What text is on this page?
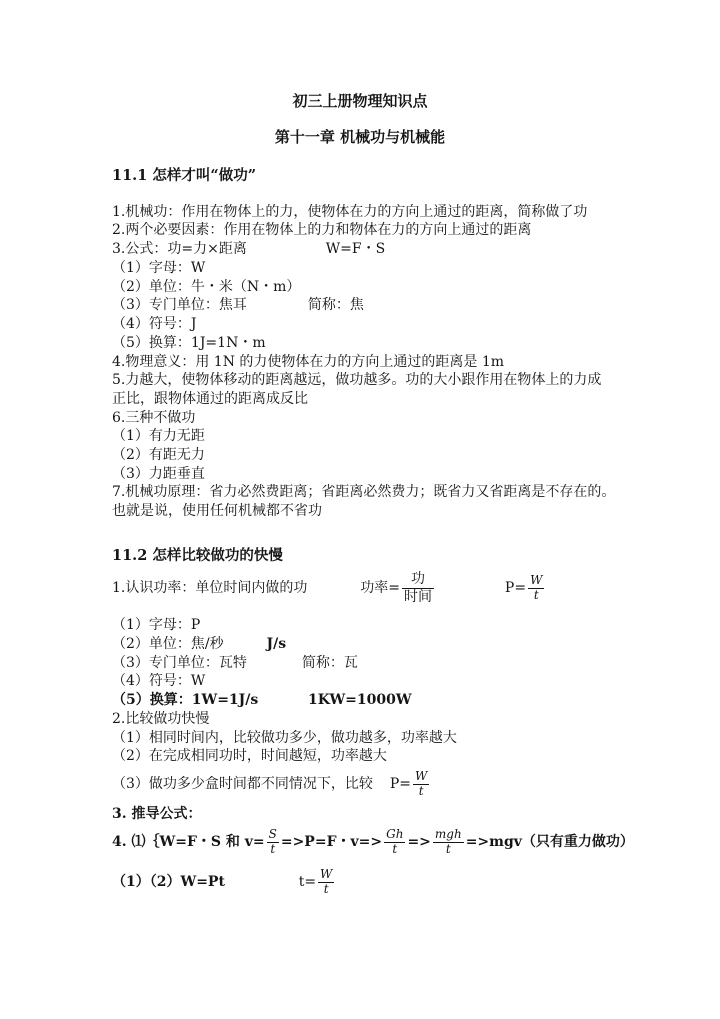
初三上册物理知识点
第十一章 机械功与机械能
11.1 怎样才叫“做功”
1.机械功：作用在物体上的力，使物体在力的方向上通过的距离，简称做了功
2.两个必要因素：作用在物体上的力和物体在力的方向上通过的距离
3.公式：功=力×距离	W=F・S
（1）字母：W
（2）单位：牛・米（N・m）
（3）专门单位：焦耳	简称：焦
（4）符号：J
（5）换算：1J=1N・m
4.物理意义：用 1N 的力使物体在力的方向上通过的距离是 1m
5.力越大，使物体移动的距离越远，做功越多。功的大小跟作用在物体上的力成
正比，跟物体通过的距离成反比
6.三种不做功
（1）有力无距
（2）有距无力
（3）力距垂直
7.机械功原理：省力必然费距离；省距离必然费力；既省力又省距离是不存在的。
也就是说，使用任何机械都不省功
11.2 怎样比较做功的快慢
1.认识功率：单位时间内做的功	功率= $\frac{\text{功}}{\text{时间}}$	$P= \frac{W}{t}$
（1）字母：P
（2）单位：焦/秒	J/s
（3）专门单位：瓦特	简称：瓦
（4）符号：W
（5）换算：1W=1J/s	1KW=1000W
2.比较做功快慢
（1）相同时间内，比较做功多少，做功越多，功率越大
（2）在完成相同功时，时间越短，功率越大
（3）做功多少盒时间都不同情况下，比较 $P= \frac{W}{t}$
3. 推导公式：
4. ⑴｛W=F・S 和 $v= \frac{S}{t} =>P=F$・$v=> \frac{Gh}{t} => \frac{\text{mgh}}{t} =>mgv$（只有重力做功）
（1）（2）W=Pt	$t= \frac{W}{t}$
